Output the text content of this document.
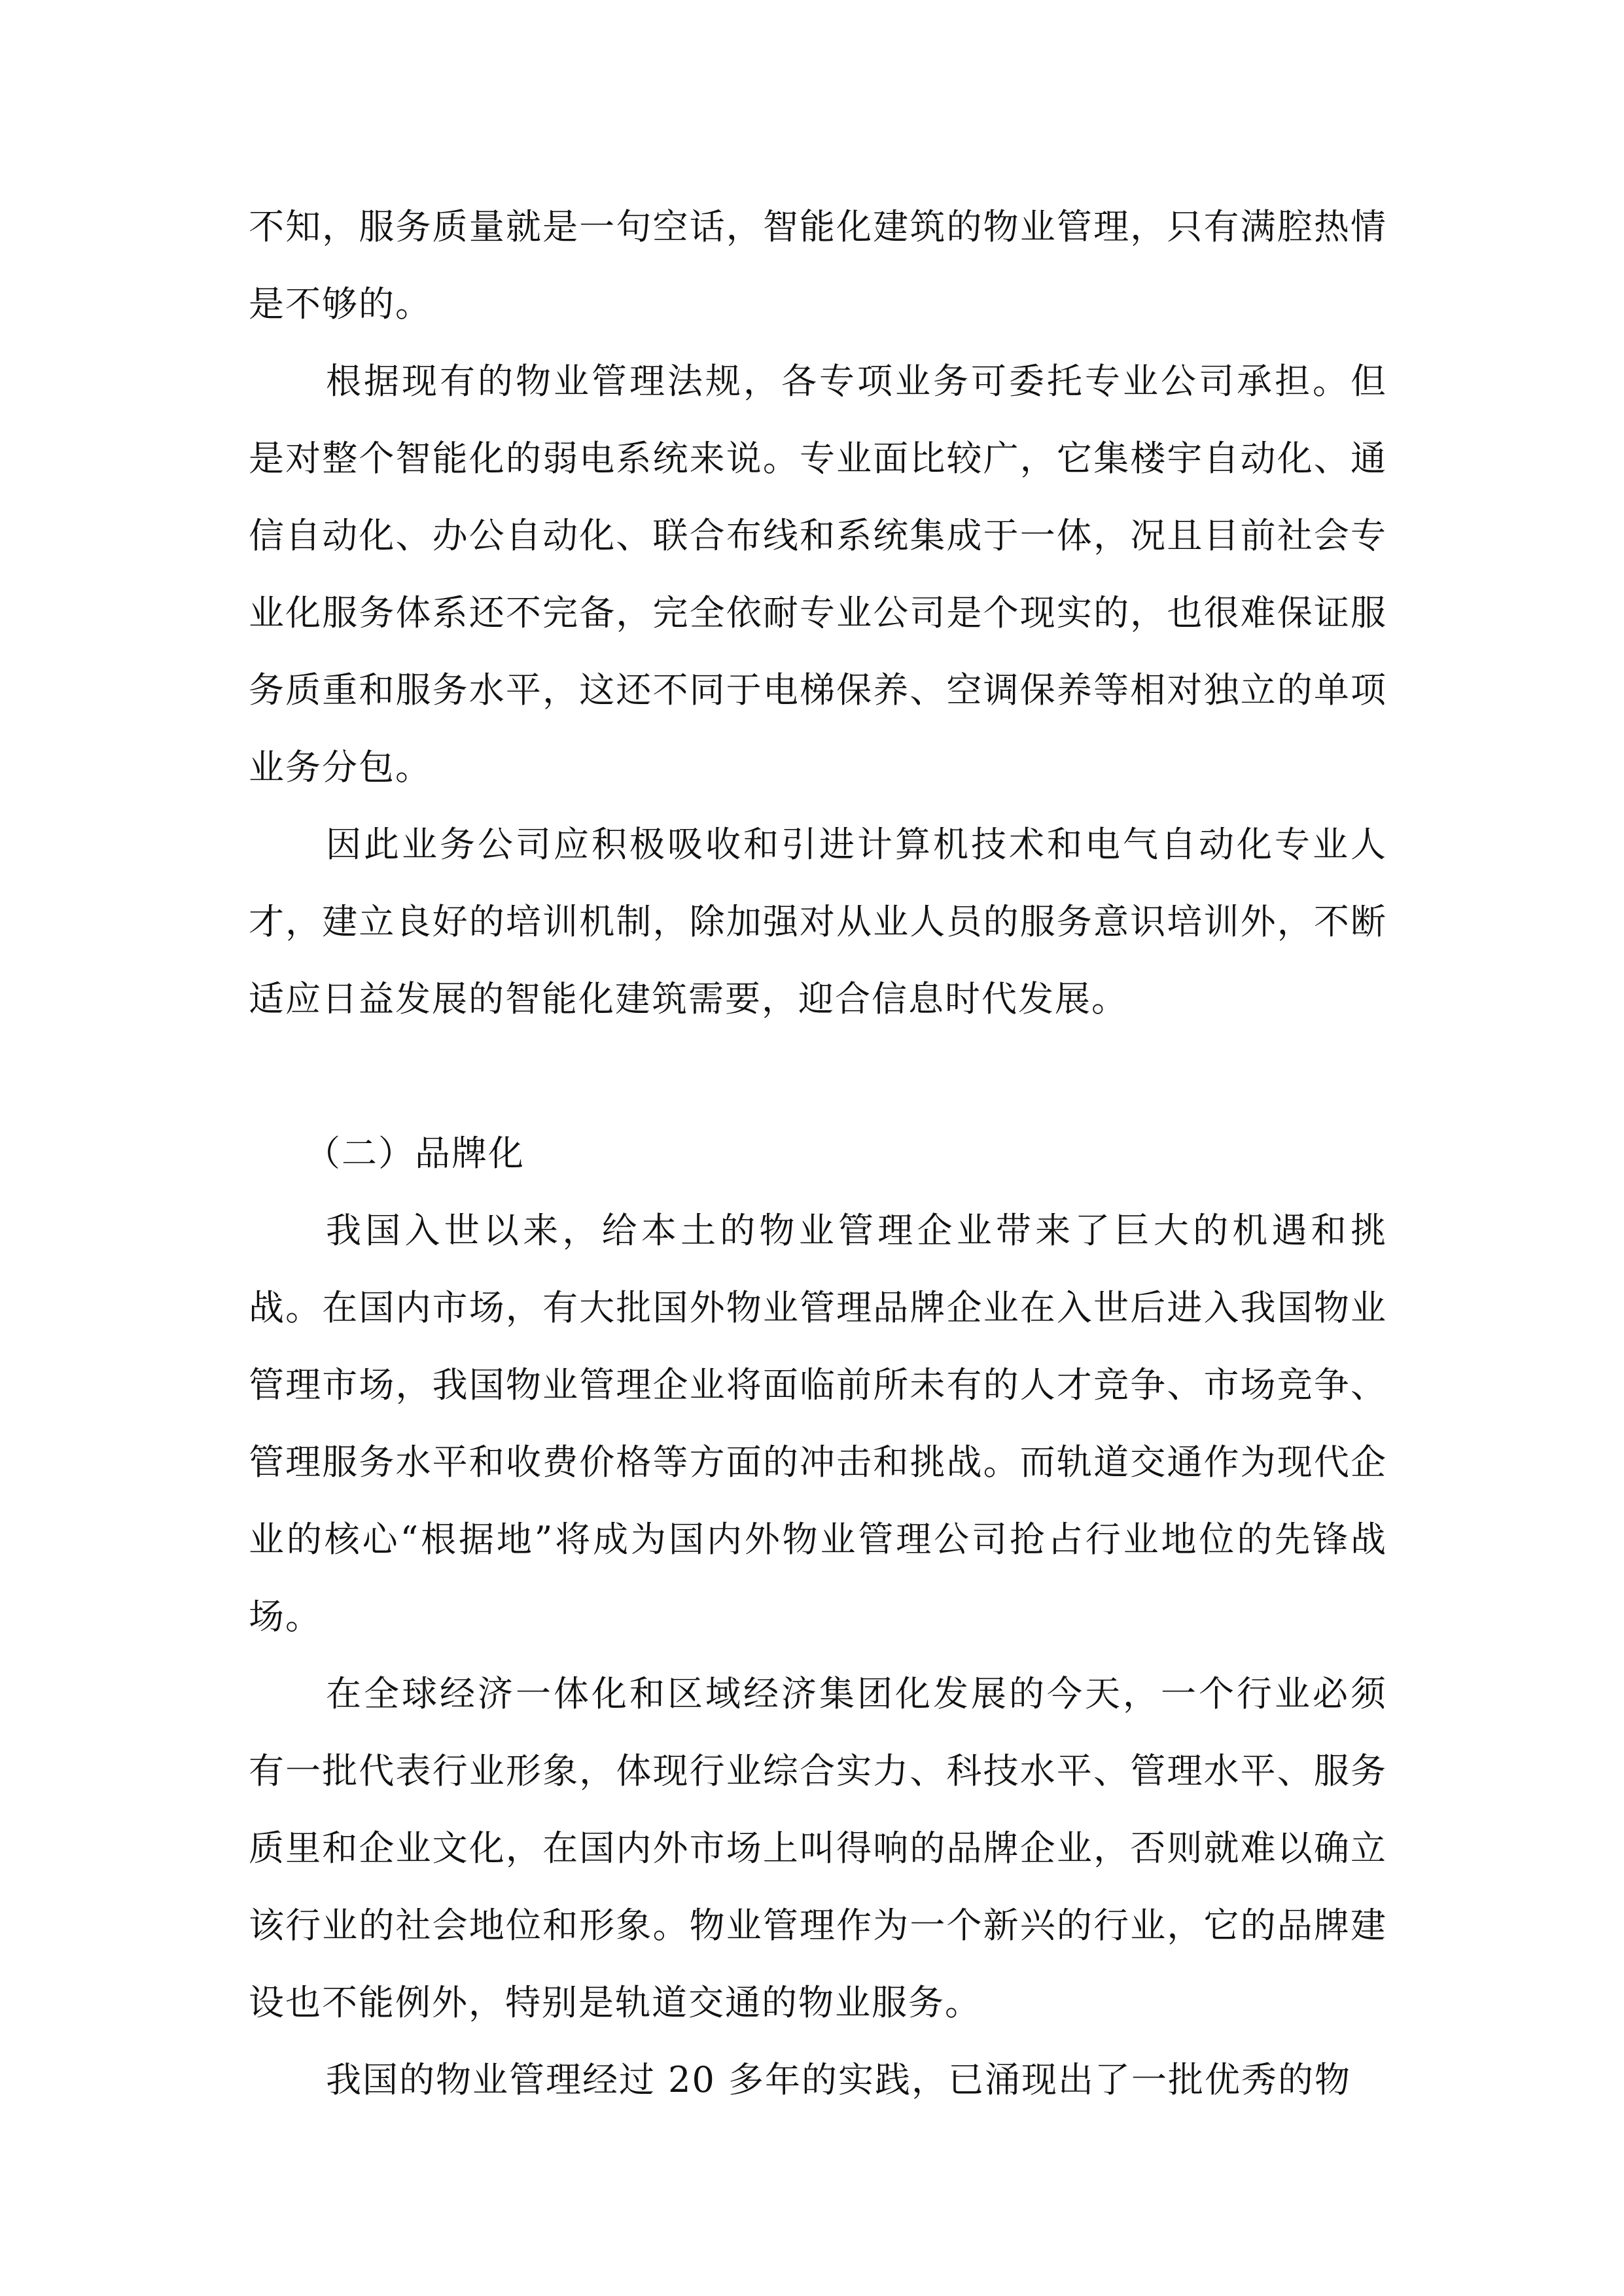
不知，服务质量就是一句空话，智能化建筑的物业管理，只有满腔热情是不够的。

根据现有的物业管理法规，各专项业务可委托专业公司承担。但是对整个智能化的弱电系统来说。专业面比较广，它集楼宇自动化、通信自动化、办公自动化、联合布线和系统集成于一体，况且目前社会专业化服务体系还不完备，完全依耐专业公司是个现实的，也很难保证服务质重和服务水平，这还不同于电梯保养、空调保养等相对独立的单项业务分包。

因此业务公司应积极吸收和引进计算机技术和电气自动化专业人才，建立良好的培训机制，除加强对从业人员的服务意识培训外，不断适应日益发展的智能化建筑需要，迎合信息时代发展。

（二）品牌化

我国入世以来，给本土的物业管理企业带来了巨大的机遇和挑战。在国内市场，有大批国外物业管理品牌企业在入世后进入我国物业管理市场，我国物业管理企业将面临前所未有的人才竞争、市场竞争、管理服务水平和收费价格等方面的冲击和挑战。而轨道交通作为现代企业的核心“根据地”将成为国内外物业管理公司抢占行业地位的先锋战场。

在全球经济一体化和区域经济集团化发展的今天，一个行业必须有一批代表行业形象，体现行业综合实力、科技水平、管理水平、服务质里和企业文化，在国内外市场上叫得响的品牌企业，否则就难以确立该行业的社会地位和形象。物业管理作为一个新兴的行业，它的品牌建设也不能例外，特别是轨道交通的物业服务。

我国的物业管理经过 20 多年的实践，已涌现出了一批优秀的物
